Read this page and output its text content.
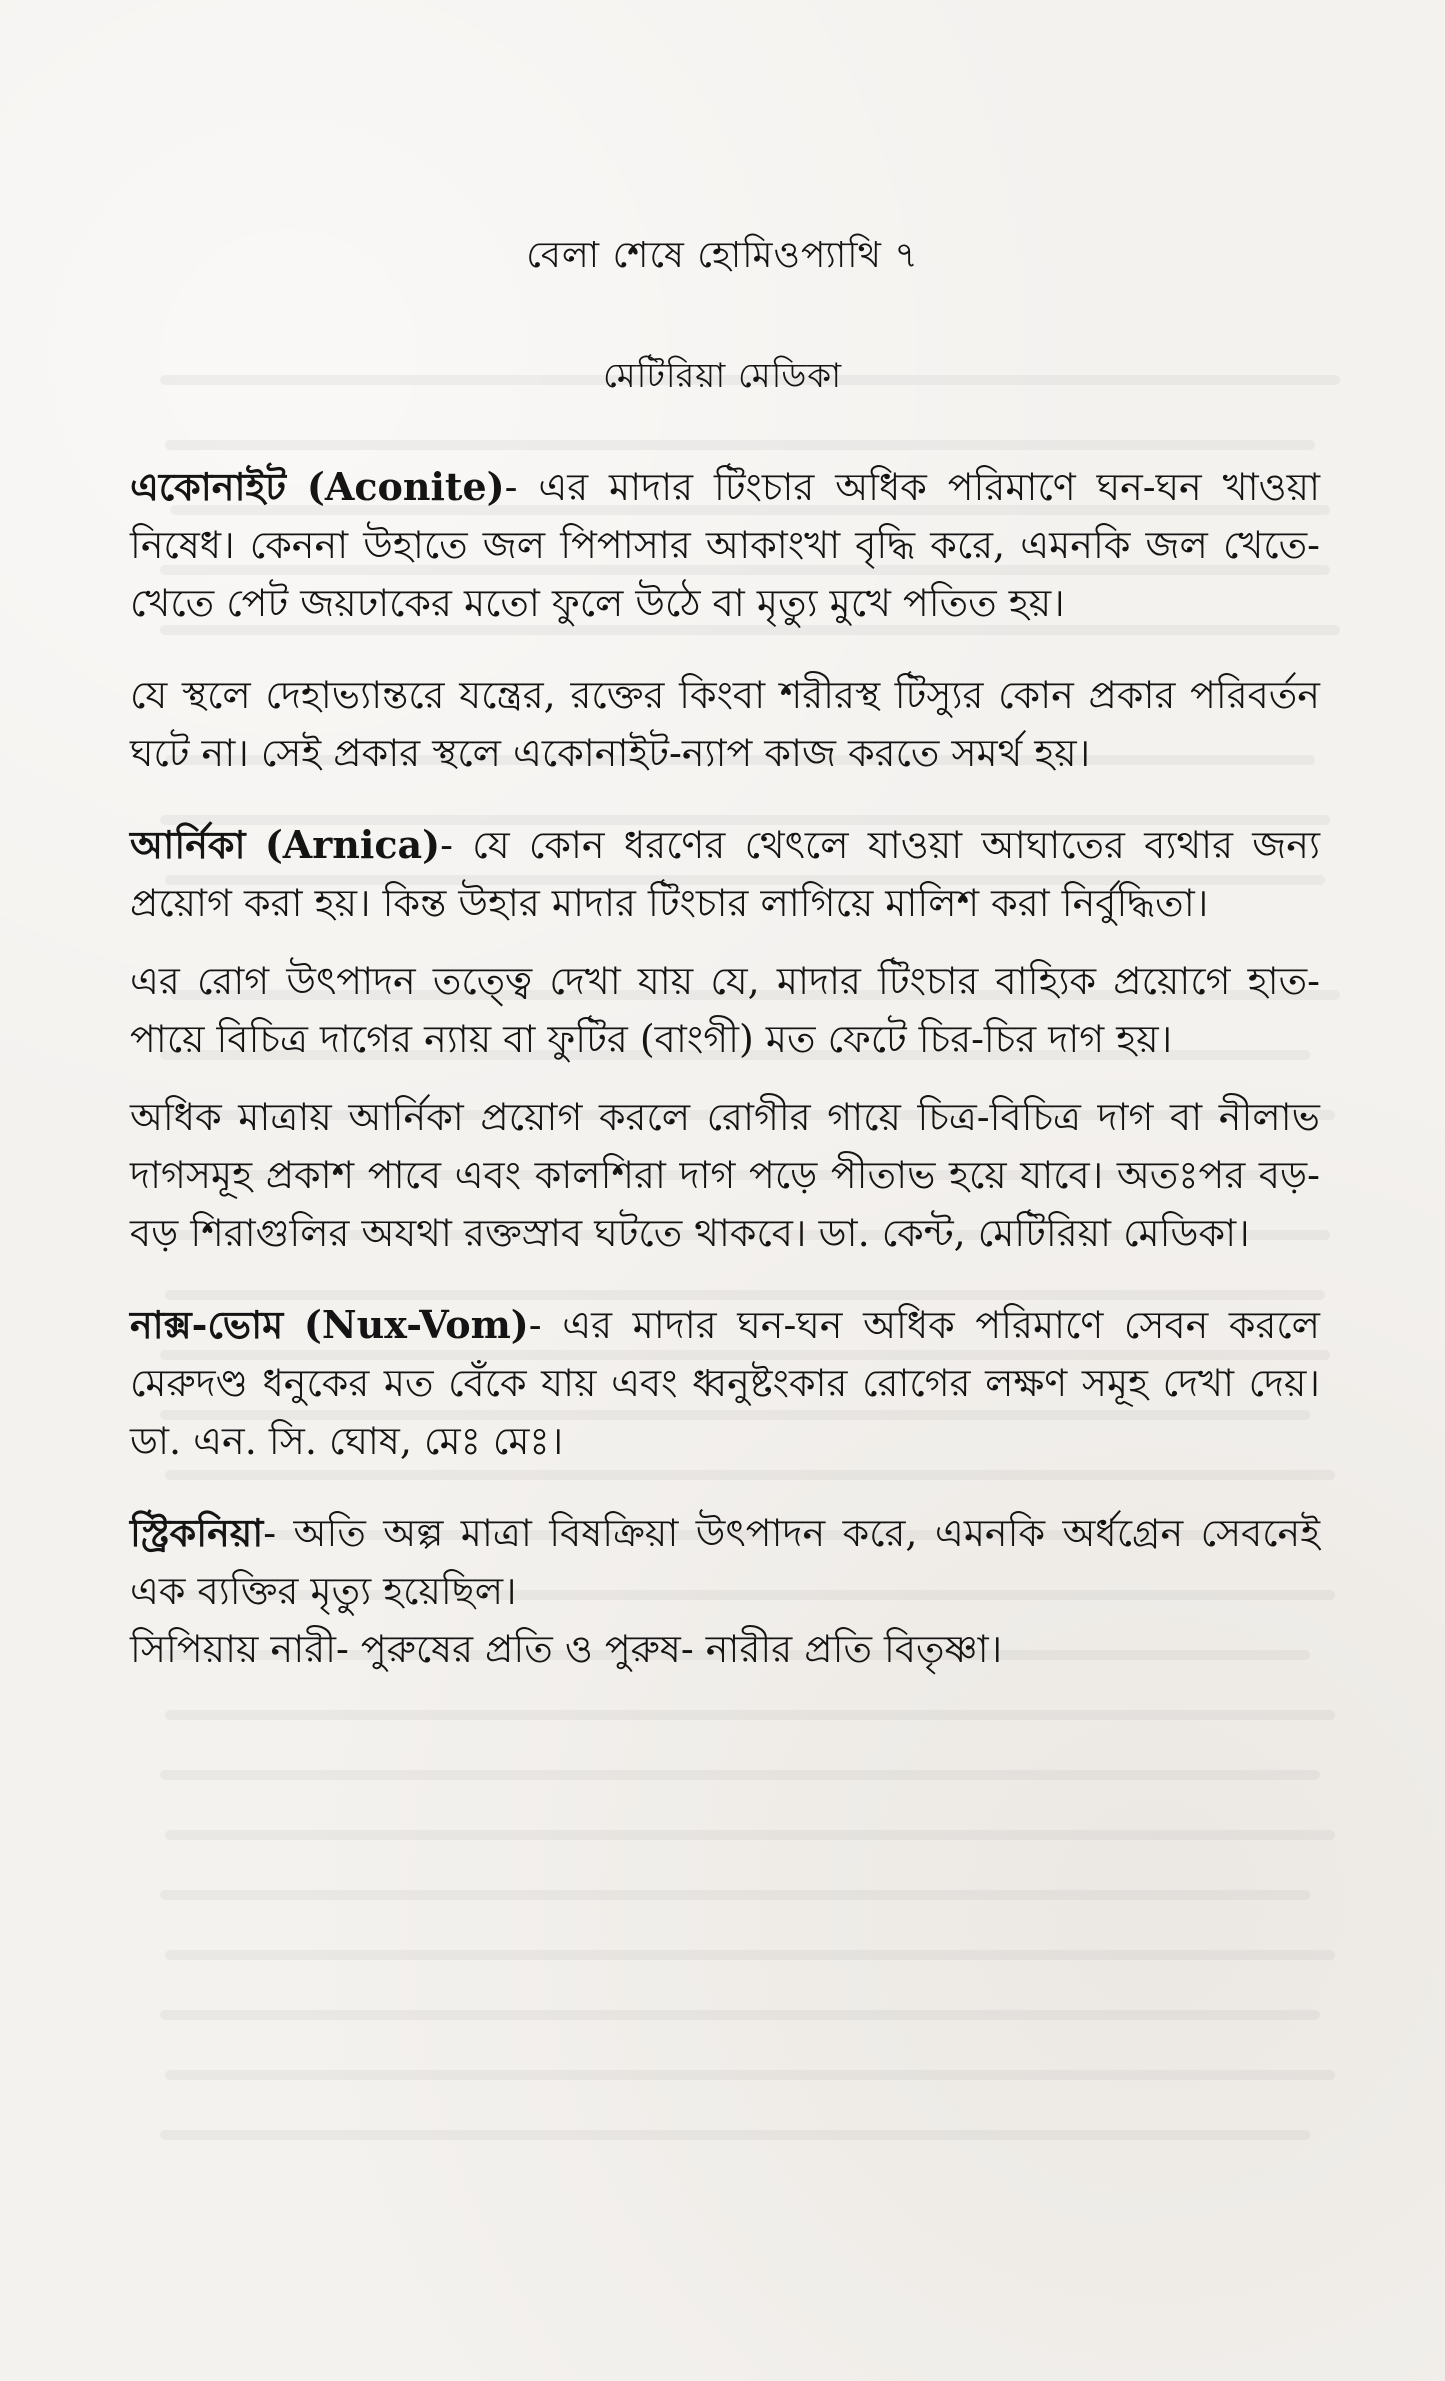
বেলা শেষে হোমিওপ্যাথি ৭
মেটিরিয়া মেডিকা

একোনাইট (Aconite)- এর মাদার টিংচার অধিক পরিমাণে ঘন-ঘন খাওয়া নিষেধ। কেননা উহাতে জল পিপাসার আকাংখা বৃদ্ধি করে, এমনকি জল খেতে-খেতে পেট জয়ঢাকের মতো ফুলে উঠে বা মৃত্যু মুখে পতিত হয়।

যে স্থলে দেহাভ্যান্তরে যন্ত্রের, রক্তের কিংবা শরীরস্থ টিস্যুর কোন প্রকার পরিবর্তন ঘটে না। সেই প্রকার স্থলে একোনাইট-ন্যাপ কাজ করতে সমর্থ হয়।

আর্নিকা (Arnica)- যে কোন ধরণের থেৎলে যাওয়া আঘাতের ব্যথার জন্য প্রয়োগ করা হয়। কিন্ত উহার মাদার টিংচার লাগিয়ে মালিশ করা নির্বুদ্ধিতা।

এর রোগ উৎপাদন তত্ত্বে দেখা যায় যে, মাদার টিংচার বাহ্যিক প্রয়োগে হাত-পায়ে বিচিত্র দাগের ন্যায় বা ফুটির (বাংগী) মত ফেটে চির-চির দাগ হয়।

অধিক মাত্রায় আর্নিকা প্রয়োগ করলে রোগীর গায়ে চিত্র-বিচিত্র দাগ বা নীলাভ দাগসমূহ প্রকাশ পাবে এবং কালশিরা দাগ পড়ে পীতাভ হয়ে যাবে। অতঃপর বড়-বড় শিরাগুলির অযথা রক্তস্রাব ঘটতে থাকবে। ডা. কেন্ট, মেটিরিয়া মেডিকা।

নাক্স-ভোম (Nux-Vom)- এর মাদার ঘন-ঘন অধিক পরিমাণে সেবন করলে মেরুদণ্ড ধনুকের মত বেঁকে যায় এবং ধ্বনুষ্টংকার রোগের লক্ষণ সমূহ দেখা দেয়। ডা. এন. সি. ঘোষ, মেঃ মেঃ।

স্ট্রিকনিয়া- অতি অল্প মাত্রা বিষক্রিয়া উৎপাদন করে, এমনকি অর্ধগ্রেন সেবনেই এক ব্যক্তির মৃত্যু হয়েছিল।

সিপিয়ায় নারী- পুরুষের প্রতি ও পুরুষ- নারীর প্রতি বিতৃষ্ণা।
